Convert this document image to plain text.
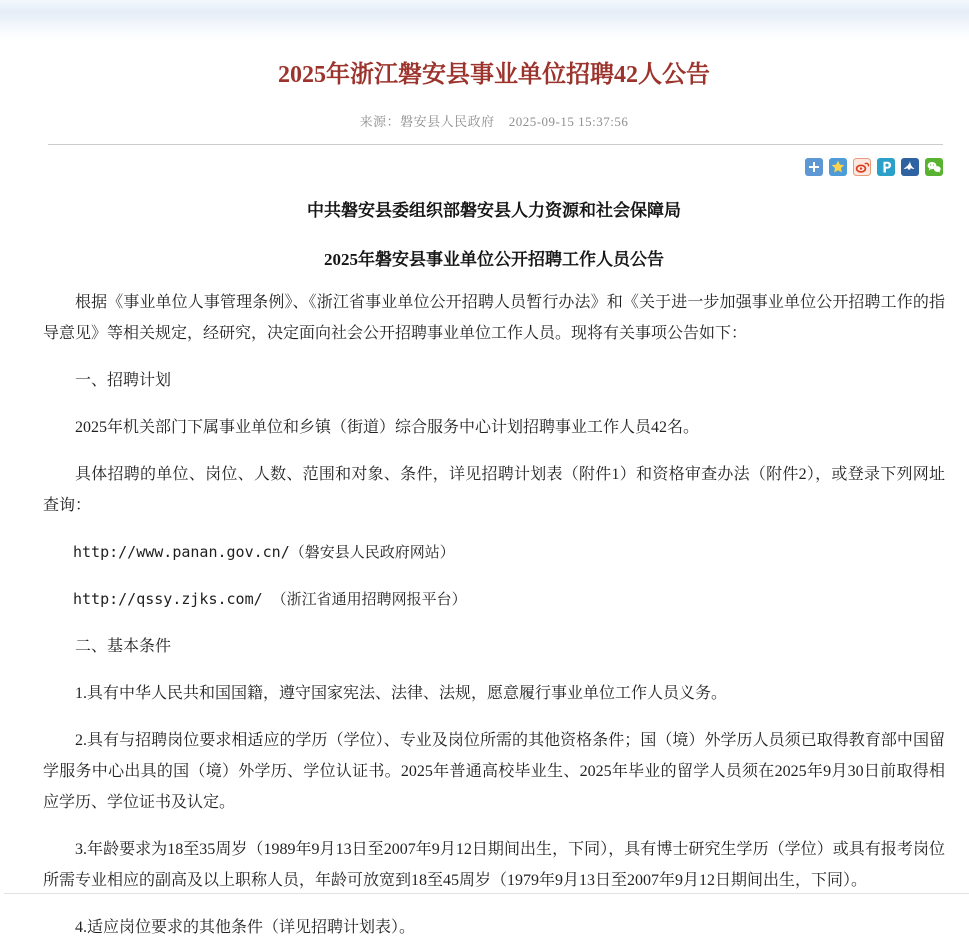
2025年浙江磐安县事业单位招聘42人公告
来源：磐安县人民政府 2025-09-15 15:37:56
中共磐安县委组织部磐安县人力资源和社会保障局
2025年磐安县事业单位公开招聘工作人员公告

根据《事业单位人事管理条例》、《浙江省事业单位公开招聘人员暂行办法》和《关于进一步加强事业单位公开招聘工作的指导意见》等相关规定，经研究，决定面向社会公开招聘事业单位工作人员。现将有关事项公告如下：

一、招聘计划

2025年机关部门下属事业单位和乡镇（街道）综合服务中心计划招聘事业工作人员42名。

具体招聘的单位、岗位、人数、范围和对象、条件，详见招聘计划表（附件1）和资格审查办法（附件2），或登录下列网址查询：

http://www.panan.gov.cn/（磐安县人民政府网站）

http://qssy.zjks.com/ （浙江省通用招聘网报平台）

二、基本条件

1.具有中华人民共和国国籍，遵守国家宪法、法律、法规，愿意履行事业单位工作人员义务。

2.具有与招聘岗位要求相适应的学历（学位）、专业及岗位所需的其他资格条件；国（境）外学历人员须已取得教育部中国留学服务中心出具的国（境）外学历、学位认证书。2025年普通高校毕业生、2025年毕业的留学人员须在2025年9月30日前取得相应学历、学位证书及认定。

3.年龄要求为18至35周岁（1989年9月13日至2007年9月12日期间出生，下同），具有博士研究生学历（学位）或具有报考岗位所需专业相应的副高及以上职称人员，年龄可放宽到18至45周岁（1979年9月13日至2007年9月12日期间出生，下同）。

4.适应岗位要求的其他条件（详见招聘计划表）。
